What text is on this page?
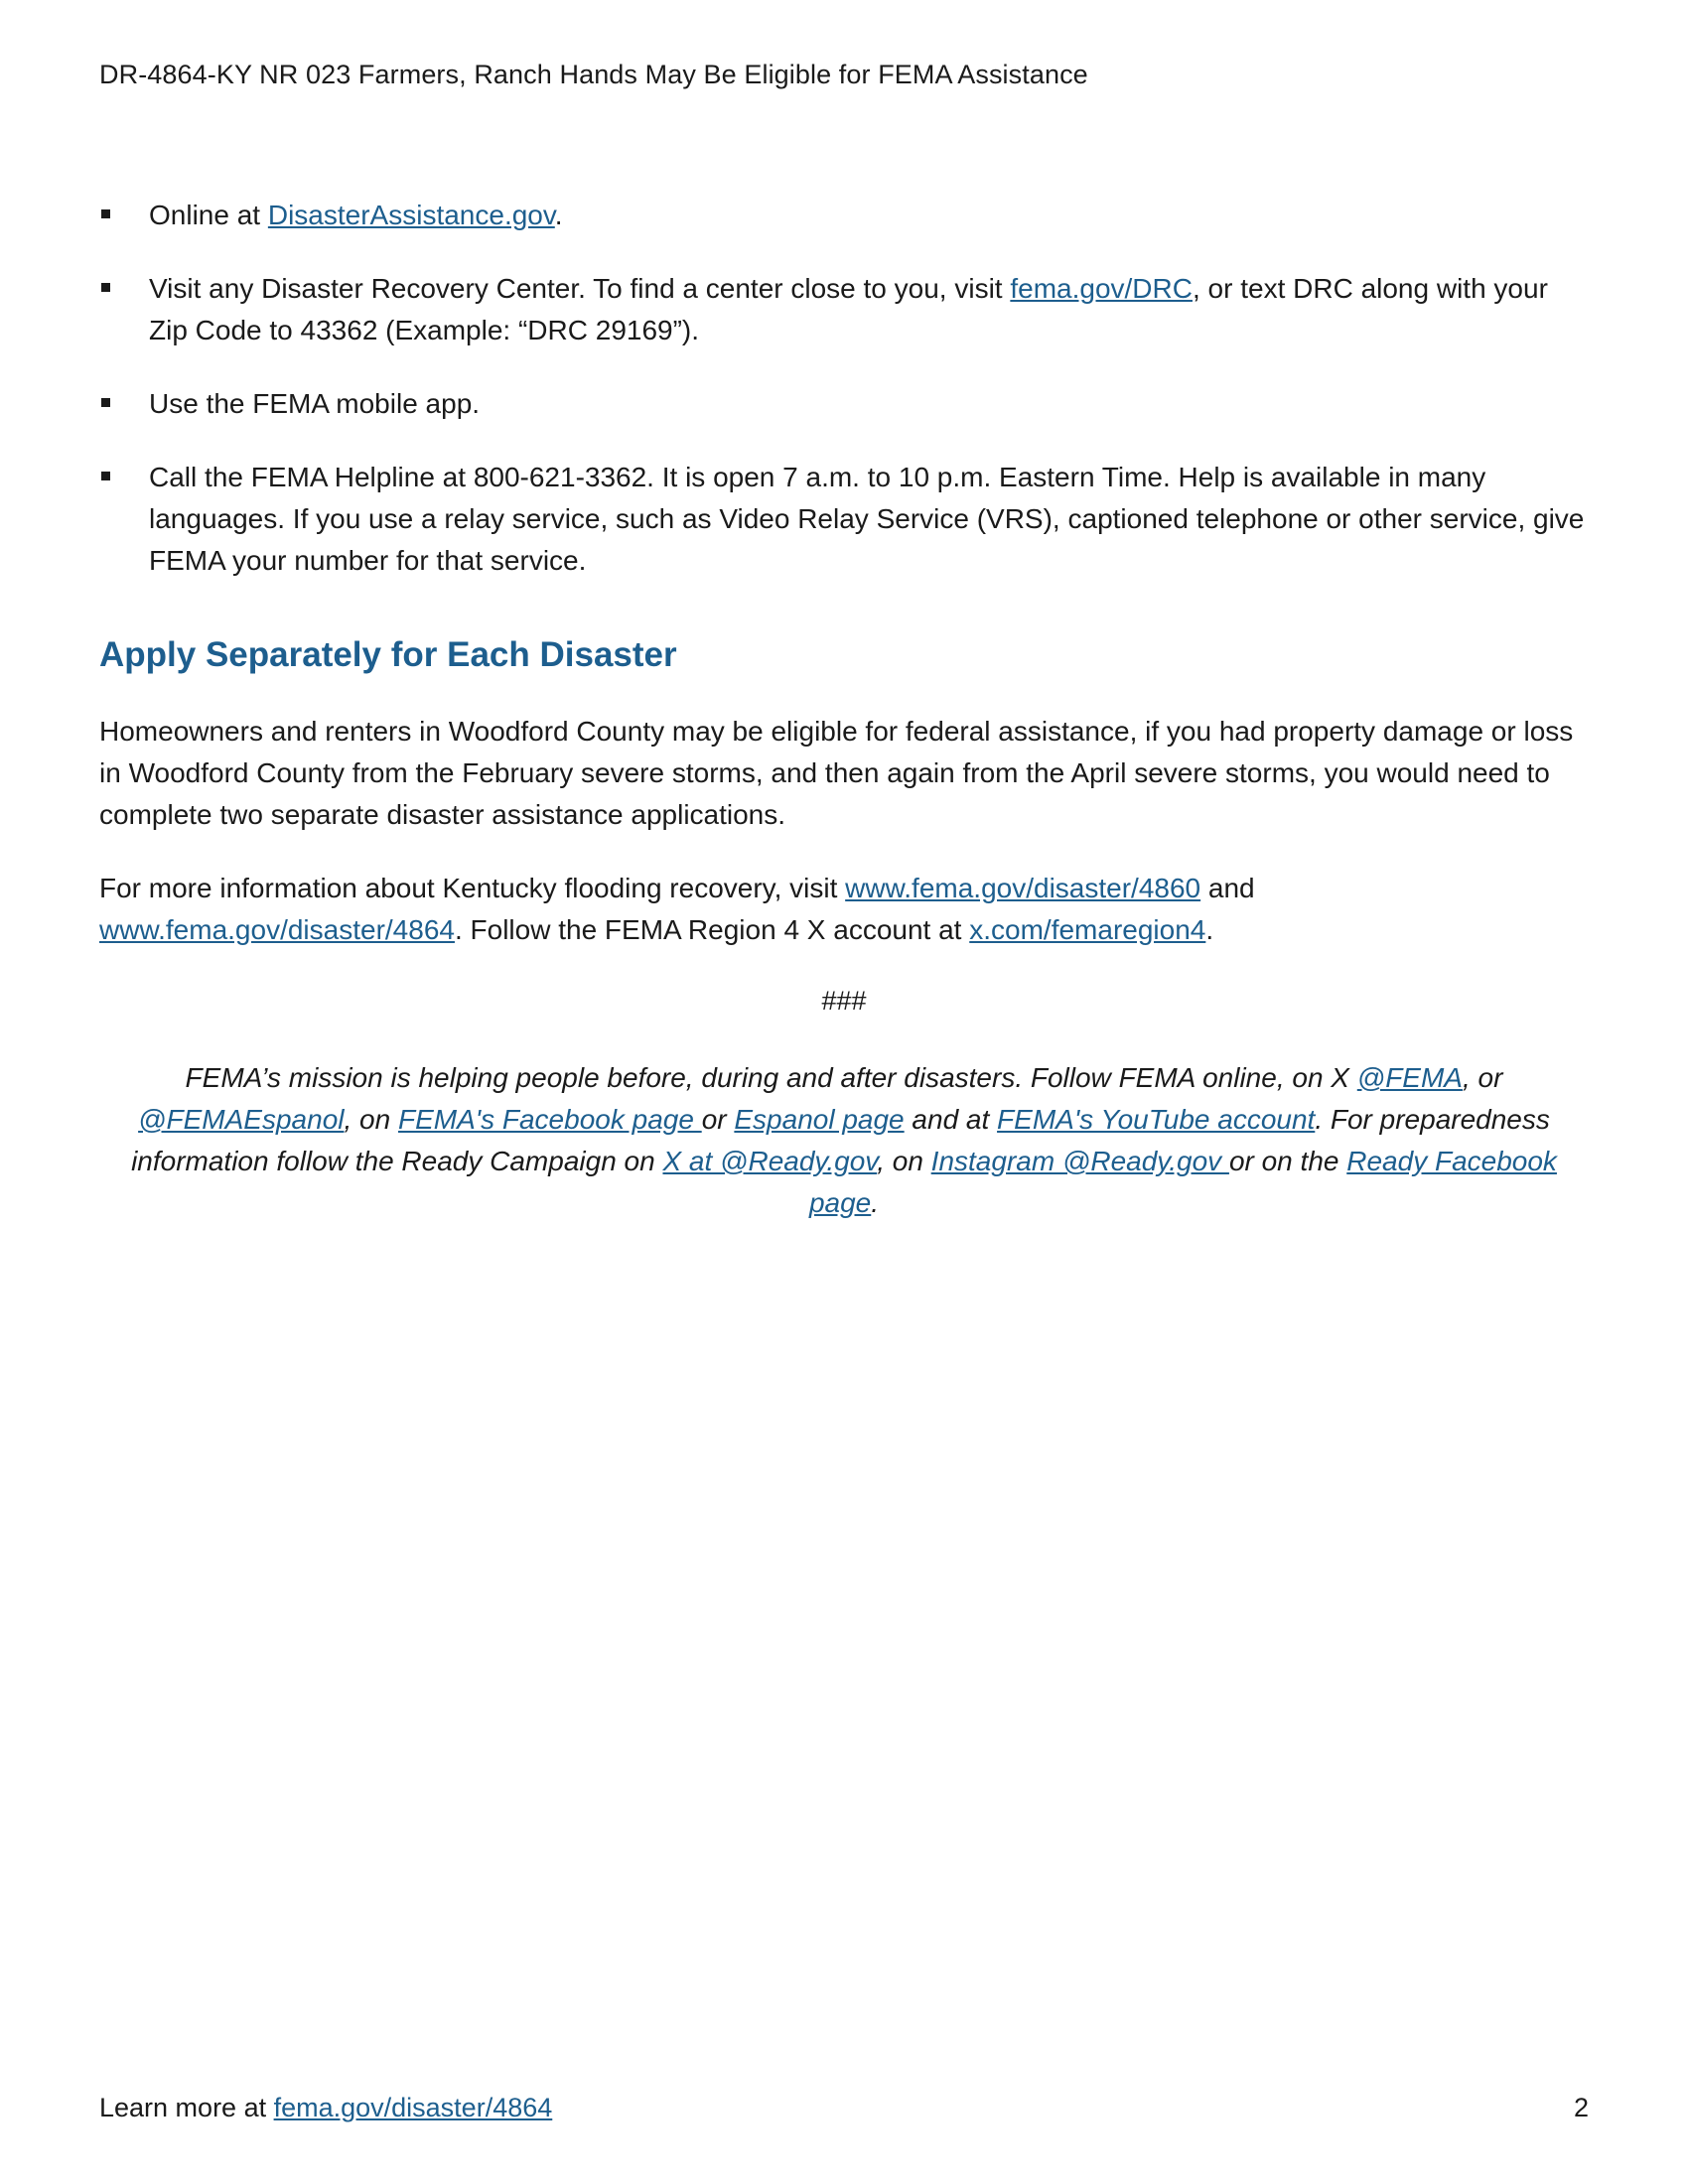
DR-4864-KY NR 023 Farmers, Ranch Hands May Be Eligible for FEMA Assistance
Online at DisasterAssistance.gov.
Visit any Disaster Recovery Center. To find a center close to you, visit fema.gov/DRC, or text DRC along with your Zip Code to 43362 (Example: “DRC 29169”).
Use the FEMA mobile app.
Call the FEMA Helpline at 800-621-3362. It is open 7 a.m. to 10 p.m. Eastern Time. Help is available in many languages. If you use a relay service, such as Video Relay Service (VRS), captioned telephone or other service, give FEMA your number for that service.
Apply Separately for Each Disaster

Homeowners and renters in Woodford County may be eligible for federal assistance, if you had property damage or loss in Woodford County from the February severe storms, and then again from the April severe storms, you would need to complete two separate disaster assistance applications.

For more information about Kentucky flooding recovery, visit www.fema.gov/disaster/4860 and www.fema.gov/disaster/4864. Follow the FEMA Region 4 X account at x.com/femaregion4.

###

FEMA’s mission is helping people before, during and after disasters. Follow FEMA online, on X @FEMA, or @FEMAEspanol, on FEMA's Facebook page or Espanol page and at FEMA's YouTube account. For preparedness information follow the Ready Campaign on X at @Ready.gov, on Instagram @Ready.gov or on the Ready Facebook page.

Learn more at fema.gov/disaster/4864	2
